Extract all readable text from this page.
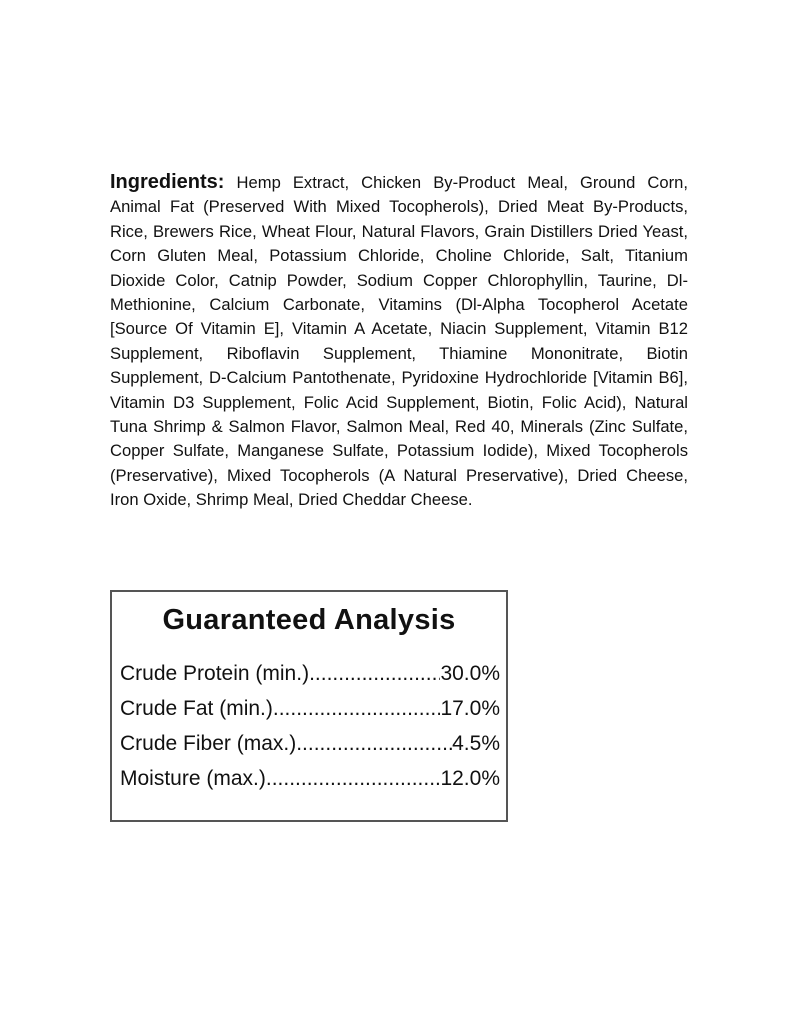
Ingredients: Hemp Extract, Chicken By-Product Meal, Ground Corn, Animal Fat (Preserved With Mixed Tocopherols), Dried Meat By-Products, Rice, Brewers Rice, Wheat Flour, Natural Flavors, Grain Distillers Dried Yeast, Corn Gluten Meal, Potassium Chloride, Choline Chloride, Salt, Titanium Dioxide Color, Catnip Powder, Sodium Copper Chlorophyllin, Taurine, Dl-Methionine, Calcium Carbonate, Vitamins (Dl-Alpha Tocopherol Acetate [Source Of Vitamin E], Vitamin A Acetate, Niacin Supplement, Vitamin B12 Supplement, Riboflavin Supplement, Thiamine Mononitrate, Biotin Supplement, D-Calcium Pantothenate, Pyridoxine Hydrochloride [Vitamin B6], Vitamin D3 Supplement, Folic Acid Supplement, Biotin, Folic Acid), Natural Tuna Shrimp & Salmon Flavor, Salmon Meal, Red 40, Minerals (Zinc Sulfate, Copper Sulfate, Manganese Sulfate, Potassium Iodide), Mixed Tocopherols (Preservative), Mixed Tocopherols (A Natural Preservative), Dried Cheese, Iron Oxide, Shrimp Meal, Dried Cheddar Cheese.

Guaranteed Analysis
Crude Protein (min.) .....	30.0%
Crude Fat (min.) .....	17.0%
Crude Fiber (max.) .....	4.5%
Moisture (max.) .....	12.0%
